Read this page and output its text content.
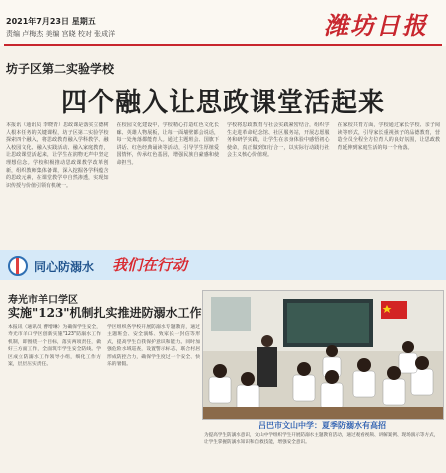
2021年7月23日 星期五
责编 卢梅杰 美编 宫晓 校对 张成洋	潍坊日报
坊子区第二实验学校
四个融入让思政课堂活起来
本报讯（通讯员 李晓青）思政课是落实立德树人根本任务的关键课程，坊子区第二实验学校探索四个融入，将思政教育融入学科教学、融入校园文化、融入实践活动、融入家庭教育，让思政课堂活起来，让学生在润物无声中坚定理想信念。学校积极推动思政课教学改革创新，组织教师集体备课，深入挖掘各学科蕴含的思政元素，在课堂教学中自然渗透，实现知识传授与价值引领有机统一。
在校园文化建设中，学校精心打造红色文化长廊、英雄人物展板，让每一面墙壁都会说话，每一处角落都能育人。通过主题班会、国旗下讲话、红色经典诵读等活动，引导学生厚植爱国情怀，传承红色基因，增强民族自豪感和使命担当。
学校将思政教育与社会实践紧密结合，组织学生走进革命纪念馆、社区服务站，开展志愿服务和研学实践，让学生在亲身体验中感悟初心使命，真正做到知行合一，以实际行动践行社会主义核心价值观。
在家校共育方面，学校通过家长学校、亲子阅读等形式，引导家长重视孩子的品德教育，营造全员全程全方位育人的良好氛围，让思政教育延伸到家庭生活的每一个角落。
同心防溺水 我们在行动
寿光市羊口学区
实施"123"机制扎实推进防溺水工作
本报讯（通讯员 曹增琳）为确保学生安全，寿光市羊口学区创新实施"123"防溺水工作机制，即围绕一个目标，落实两项责任，做好三方面工作，全面筑牢学生安全防线。学区成立防溺水工作领导小组，细化工作方案，层层压实责任。
学区组织各学校开展防溺水专题教育，通过主题班会、安全演练、致家长一封信等形式，提高学生自我保护意识和能力。同时加强危险水域巡查，设置警示标志，联合村居形成防控合力，确保学生度过一个安全、快乐的暑假。
吕巴市文山中学：夏季防溺水有高招
为提高学生防溺水意识，文山中学组织学生开展防溺水主题教育活动，通过观看视频、讲解案例、现场演示等方式，让学生掌握防溺水知识和自救技能，增强安全意识。
